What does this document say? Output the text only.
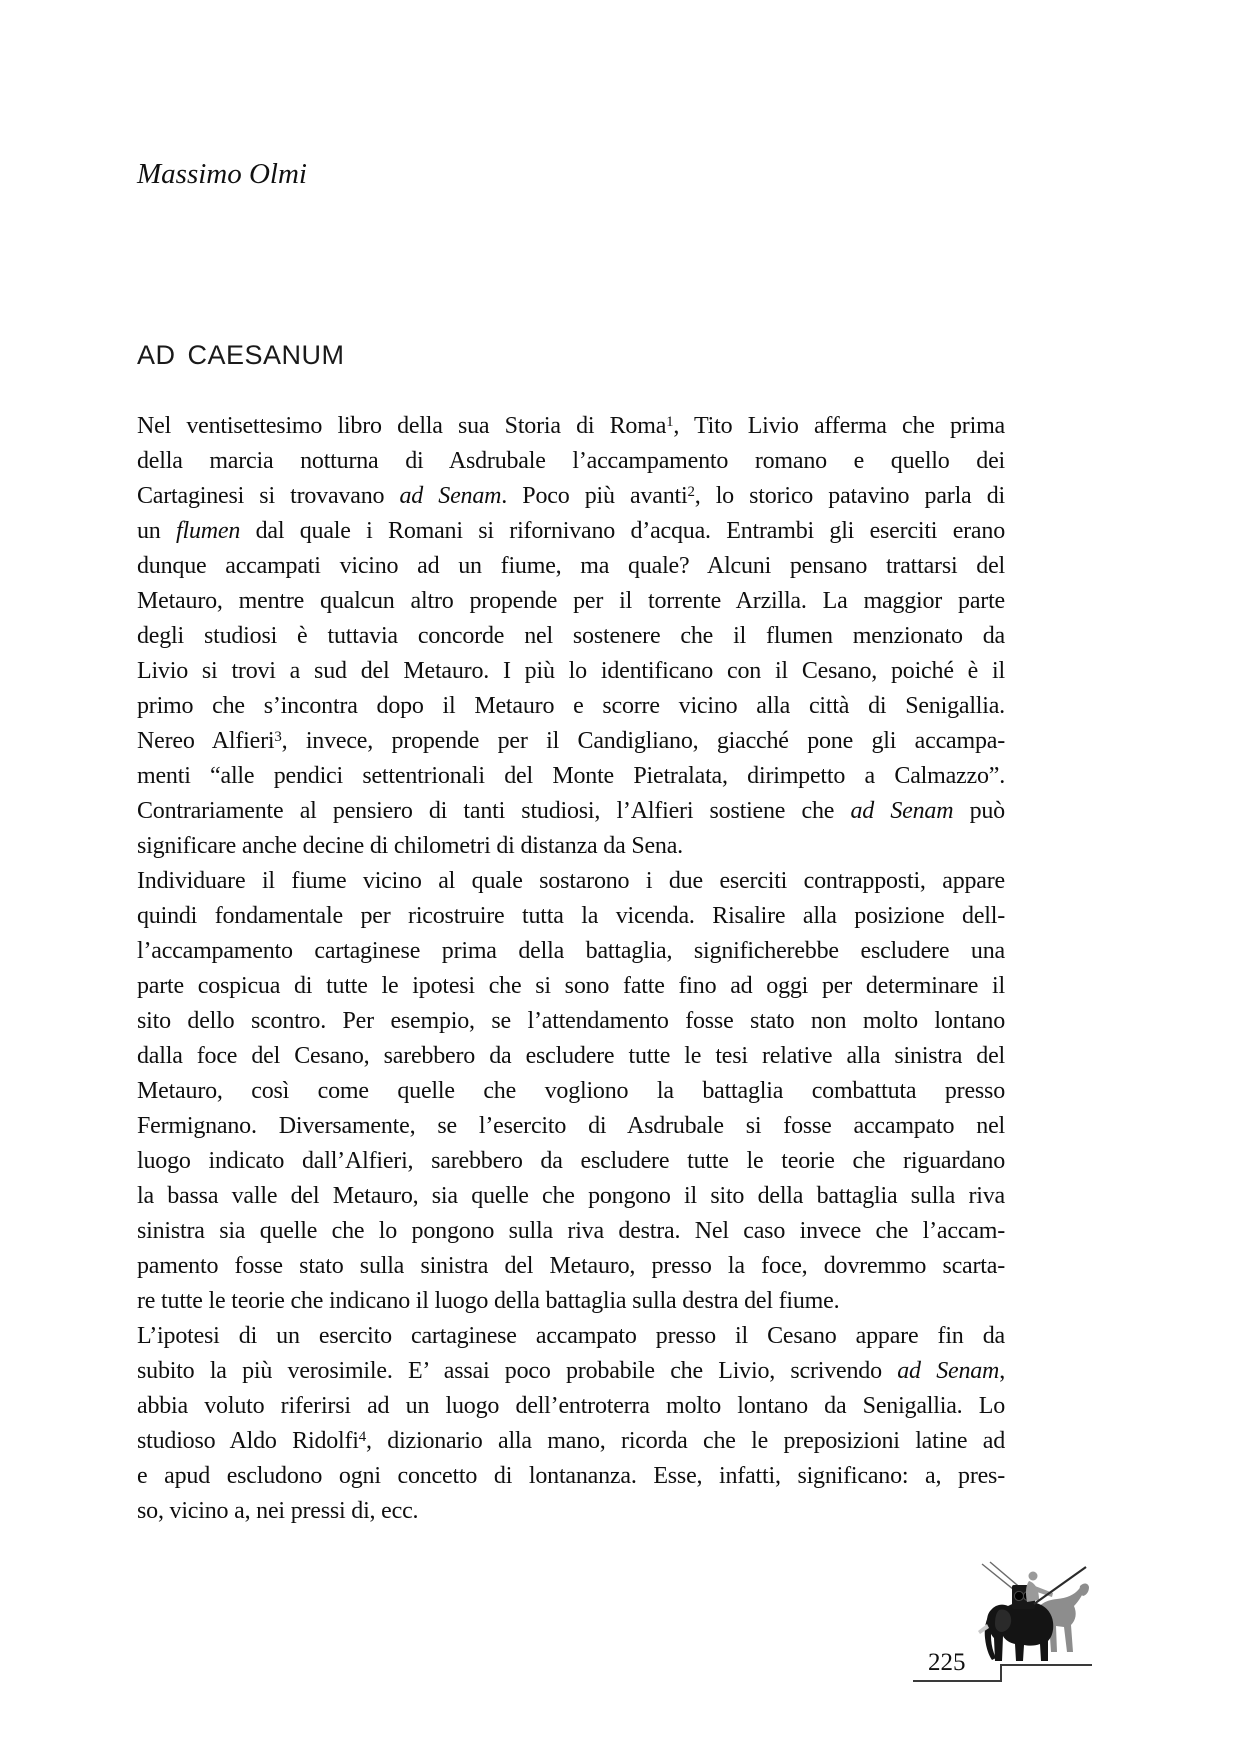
Massimo Olmi
AD CAESANUM
Nel ventisettesimo libro della sua Storia di Roma$^1$, Tito Livio afferma che prima
della marcia notturna di Asdrubale l’accampamento romano e quello dei
Cartaginesi si trovavano ad Senam. Poco più avanti$^2$, lo storico patavino parla di
un flumen dal quale i Romani si rifornivano d’acqua. Entrambi gli eserciti erano
dunque accampati vicino ad un fiume, ma quale? Alcuni pensano trattarsi del
Metauro, mentre qualcun altro propende per il torrente Arzilla. La maggior parte
degli studiosi è tuttavia concorde nel sostenere che il flumen menzionato da
Livio si trovi a sud del Metauro. I più lo identificano con il Cesano, poiché è il
primo che s’incontra dopo il Metauro e scorre vicino alla città di Senigallia.
Nereo Alfieri$^3$, invece, propende per il Candigliano, giacché pone gli accampa-
menti “alle pendici settentrionali del Monte Pietralata, dirimpetto a Calmazzo”.
Contrariamente al pensiero di tanti studiosi, l’Alfieri sostiene che ad Senam può
significare anche decine di chilometri di distanza da Sena.
Individuare il fiume vicino al quale sostarono i due eserciti contrapposti, appare
quindi fondamentale per ricostruire tutta la vicenda. Risalire alla posizione dell-
l’accampamento cartaginese prima della battaglia, significherebbe escludere una
parte cospicua di tutte le ipotesi che si sono fatte fino ad oggi per determinare il
sito dello scontro. Per esempio, se l’attendamento fosse stato non molto lontano
dalla foce del Cesano, sarebbero da escludere tutte le tesi relative alla sinistra del
Metauro, così come quelle che vogliono la battaglia combattuta presso
Fermignano. Diversamente, se l’esercito di Asdrubale si fosse accampato nel
luogo indicato dall’Alfieri, sarebbero da escludere tutte le teorie che riguardano
la bassa valle del Metauro, sia quelle che pongono il sito della battaglia sulla riva
sinistra sia quelle che lo pongono sulla riva destra. Nel caso invece che l’accam-
pamento fosse stato sulla sinistra del Metauro, presso la foce, dovremmo scarta-
re tutte le teorie che indicano il luogo della battaglia sulla destra del fiume.
L’ipotesi di un esercito cartaginese accampato presso il Cesano appare fin da
subito la più verosimile. E’ assai poco probabile che Livio, scrivendo ad Senam,
abbia voluto riferirsi ad un luogo dell’entroterra molto lontano da Senigallia. Lo
studioso Aldo Ridolfi$^4$, dizionario alla mano, ricorda che le preposizioni latine ad
e apud escludono ogni concetto di lontananza. Esse, infatti, significano: a, pres-
so, vicino a, nei pressi di, ecc.
225
